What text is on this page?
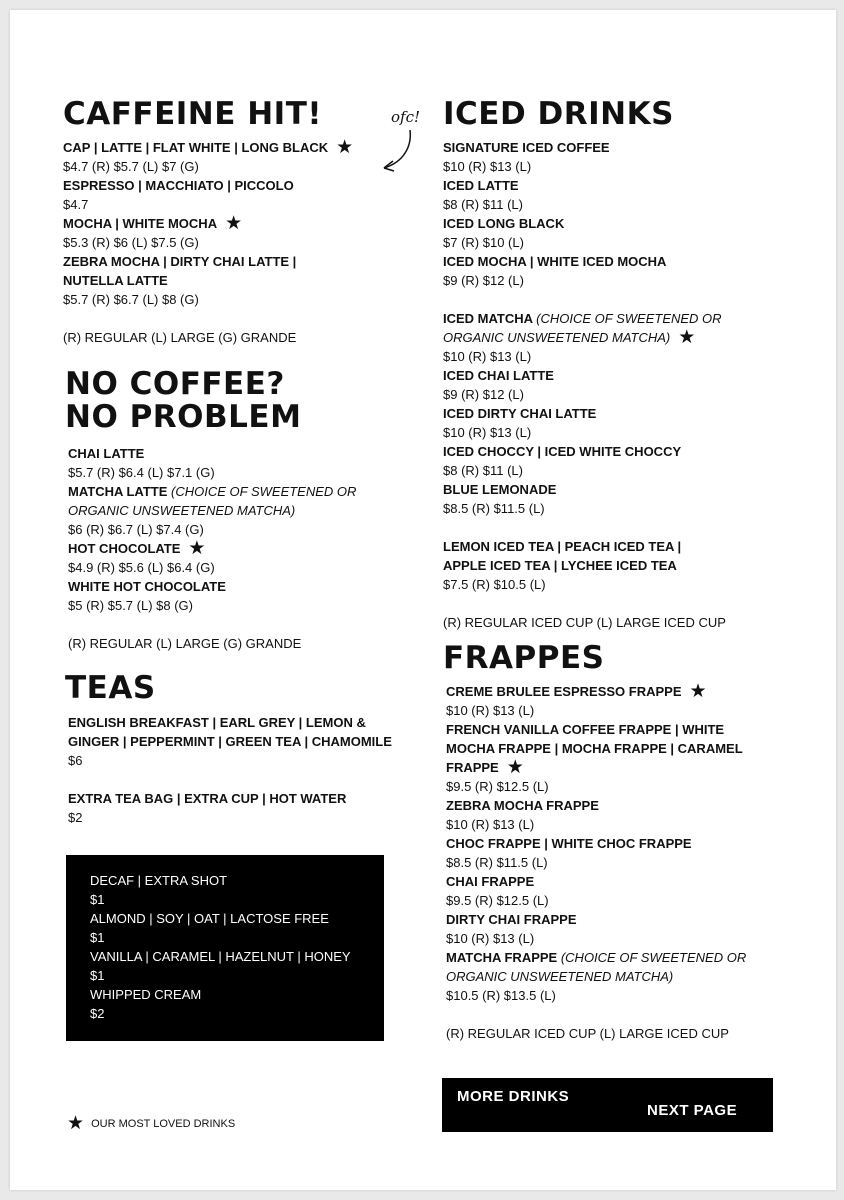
CAFFEINE HIT!
CAP | LATTE | FLAT WHITE | LONG BLACK ★
$4.7 (R) $5.7 (L) $7 (G)
ESPRESSO | MACCHIATO | PICCOLO
$4.7
MOCHA | WHITE MOCHA ★
$5.3 (R) $6 (L) $7.5 (G)
ZEBRA MOCHA | DIRTY CHAI LATTE |
NUTELLA LATTE
$5.7 (R) $6.7 (L) $8 (G)
(R) REGULAR (L) LARGE (G) GRANDE
NO COFFEE?
NO PROBLEM
CHAI LATTE
$5.7 (R) $6.4 (L) $7.1 (G)
MATCHA LATTE (CHOICE OF SWEETENED OR
ORGANIC UNSWEETENED MATCHA)
$6 (R) $6.7 (L) $7.4 (G)
HOT CHOCOLATE ★
$4.9 (R) $5.6 (L) $6.4 (G)
WHITE HOT CHOCOLATE
$5 (R) $5.7 (L) $8 (G)
(R) REGULAR (L) LARGE (G) GRANDE
TEAS
ENGLISH BREAKFAST | EARL GREY | LEMON &
GINGER | PEPPERMINT | GREEN TEA | CHAMOMILE
$6
EXTRA TEA BAG | EXTRA CUP | HOT WATER
$2
DECAF | EXTRA SHOT
$1
ALMOND | SOY | OAT | LACTOSE FREE
$1
VANILLA | CARAMEL | HAZELNUT | HONEY
$1
WHIPPED CREAM
$2
★ OUR MOST LOVED DRINKS
ofc! ICED DRINKS
SIGNATURE ICED COFFEE
$10 (R) $13 (L)
ICED LATTE
$8 (R) $11 (L)
ICED LONG BLACK
$7 (R) $10 (L)
ICED MOCHA | WHITE ICED MOCHA
$9 (R) $12 (L)
ICED MATCHA (CHOICE OF SWEETENED OR
ORGANIC UNSWEETENED MATCHA) ★
$10 (R) $13 (L)
ICED CHAI LATTE
$9 (R) $12 (L)
ICED DIRTY CHAI LATTE
$10 (R) $13 (L)
ICED CHOCCY | ICED WHITE CHOCCY
$8 (R) $11 (L)
BLUE LEMONADE
$8.5 (R) $11.5 (L)
LEMON ICED TEA | PEACH ICED TEA |
APPLE ICED TEA | LYCHEE ICED TEA
$7.5 (R) $10.5 (L)
(R) REGULAR ICED CUP (L) LARGE ICED CUP
FRAPPES
CREME BRULEE ESPRESSO FRAPPE ★
$10 (R) $13 (L)
FRENCH VANILLA COFFEE FRAPPE | WHITE
MOCHA FRAPPE | MOCHA FRAPPE | CARAMEL
FRAPPE ★
$9.5 (R) $12.5 (L)
ZEBRA MOCHA FRAPPE
$10 (R) $13 (L)
CHOC FRAPPE | WHITE CHOC FRAPPE
$8.5 (R) $11.5 (L)
CHAI FRAPPE
$9.5 (R) $12.5 (L)
DIRTY CHAI FRAPPE
$10 (R) $13 (L)
MATCHA FRAPPE (CHOICE OF SWEETENED OR
ORGANIC UNSWEETENED MATCHA)
$10.5 (R) $13.5 (L)
(R) REGULAR ICED CUP (L) LARGE ICED CUP
MORE DRINKS
NEXT PAGE
